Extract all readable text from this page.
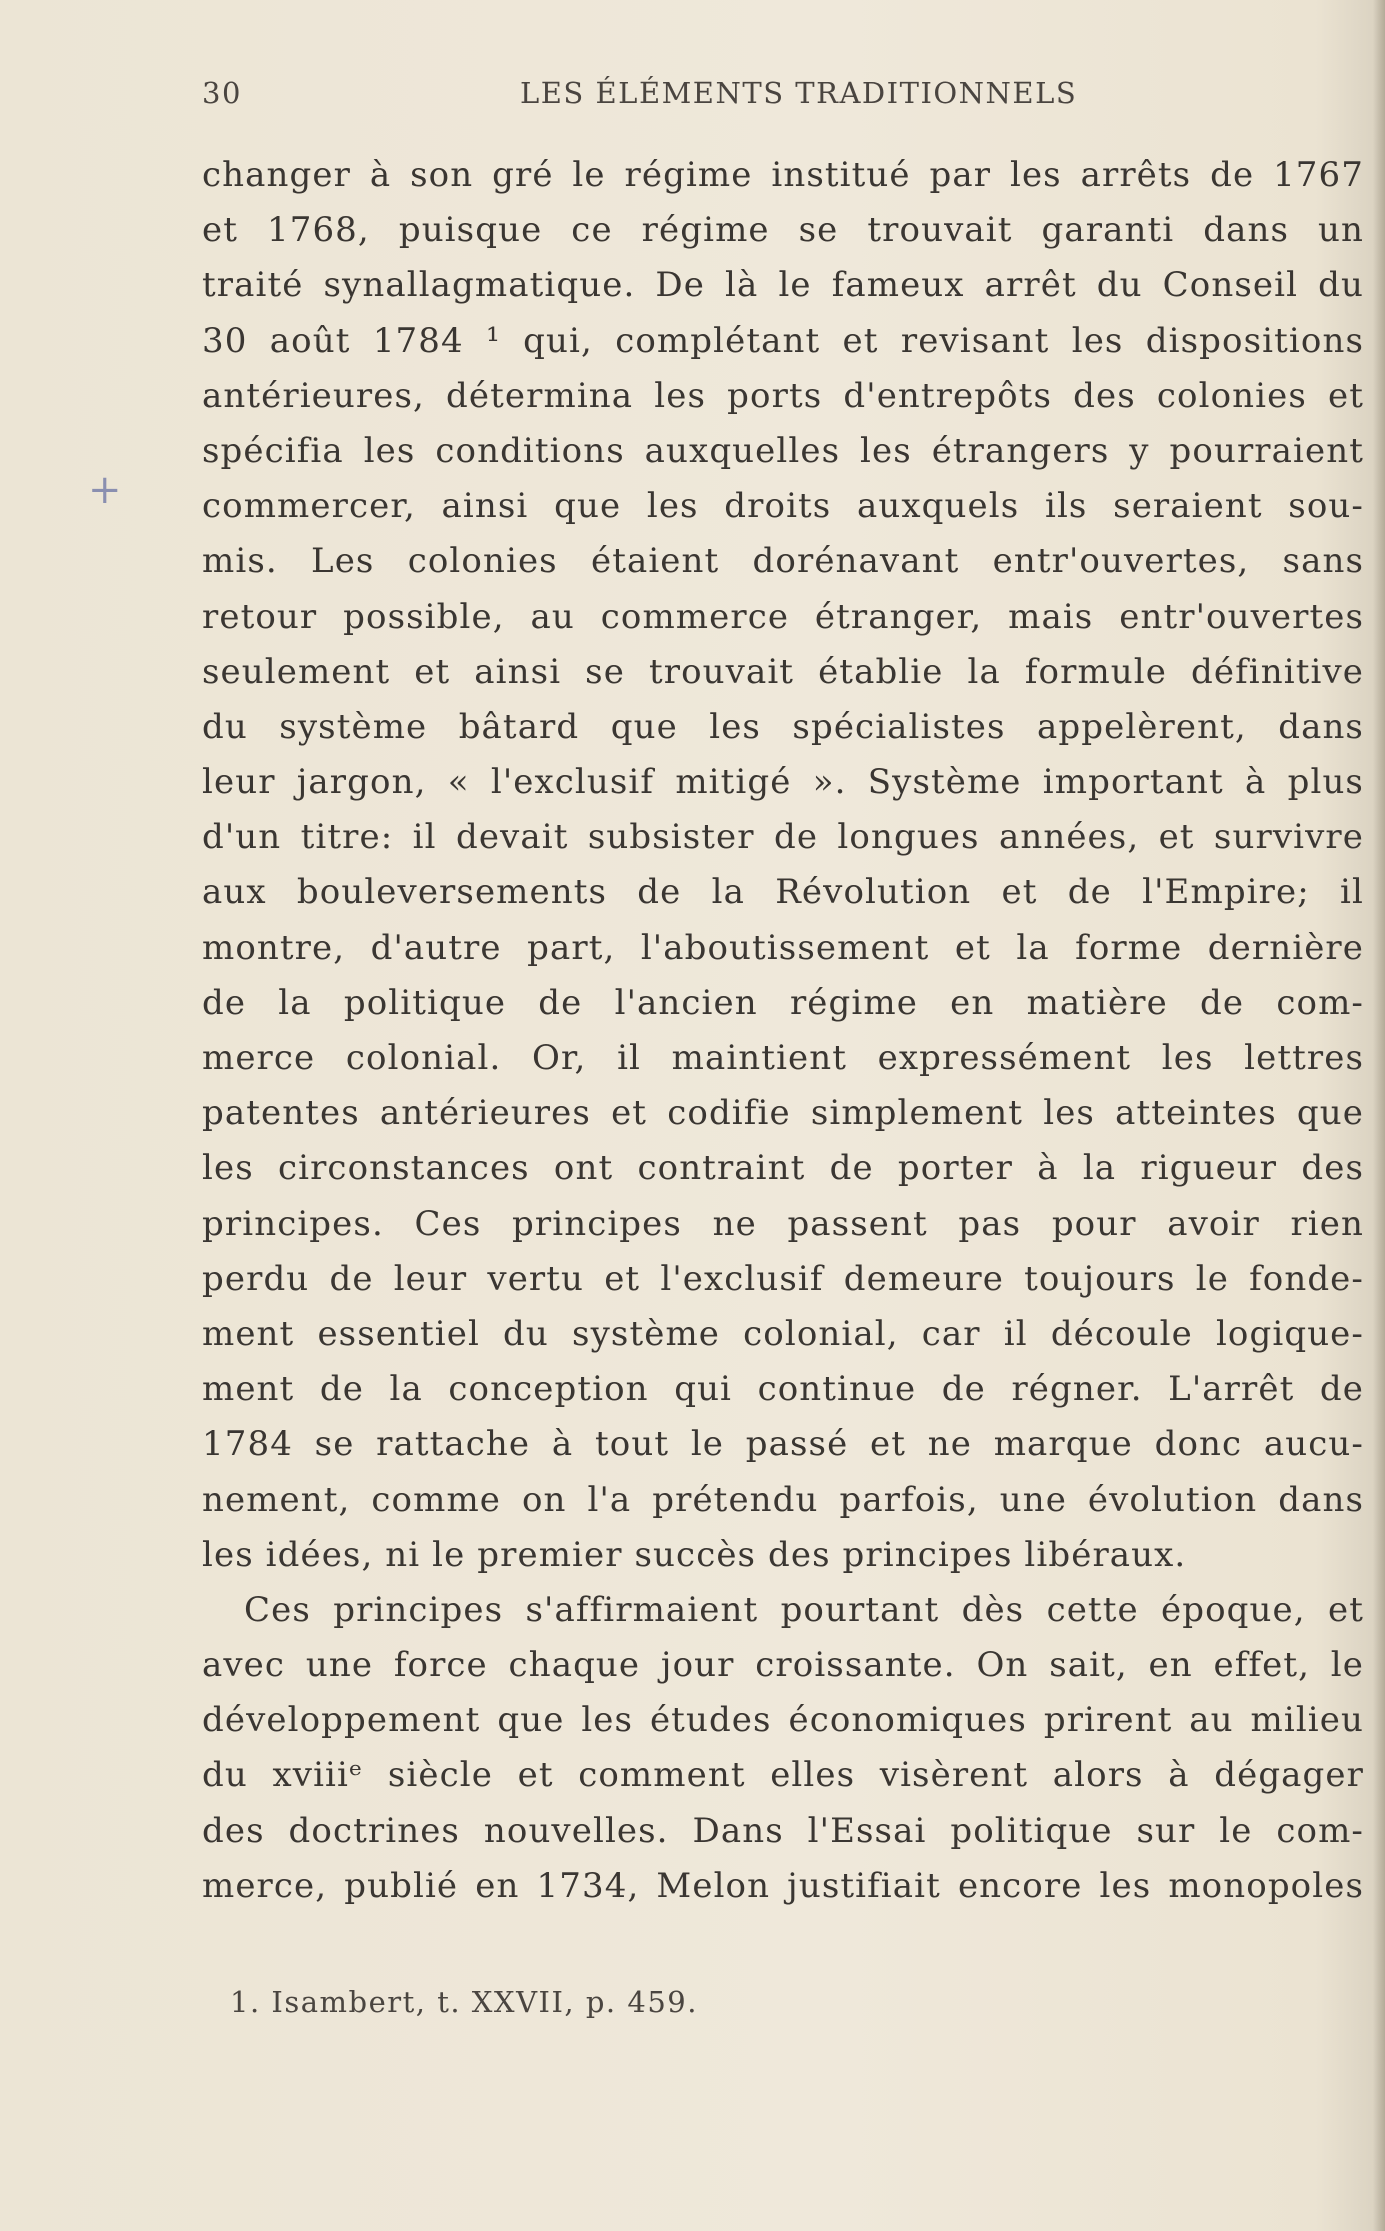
30	LES ÉLÉMENTS TRADITIONNELS
+
changer à son gré le régime institué par les arrêts de 1767
et 1768, puisque ce régime se trouvait garanti dans un
traité synallagmatique. De là le fameux arrêt du Conseil du
30 août 1784 ¹ qui, complétant et revisant les dispositions
antérieures, détermina les ports d'entrepôts des colonies et
spécifia les conditions auxquelles les étrangers y pourraient
commercer, ainsi que les droits auxquels ils seraient sou-
mis. Les colonies étaient dorénavant entr'ouvertes, sans
retour possible, au commerce étranger, mais entr'ouvertes
seulement et ainsi se trouvait établie la formule définitive
du système bâtard que les spécialistes appelèrent, dans
leur jargon, « l'exclusif mitigé ». Système important à plus
d'un titre: il devait subsister de longues années, et survivre
aux bouleversements de la Révolution et de l'Empire; il
montre, d'autre part, l'aboutissement et la forme dernière
de la politique de l'ancien régime en matière de com-
merce colonial. Or, il maintient expressément les lettres
patentes antérieures et codifie simplement les atteintes que
les circonstances ont contraint de porter à la rigueur des
principes. Ces principes ne passent pas pour avoir rien
perdu de leur vertu et l'exclusif demeure toujours le fonde-
ment essentiel du système colonial, car il découle logique-
ment de la conception qui continue de régner. L'arrêt de
1784 se rattache à tout le passé et ne marque donc aucu-
nement, comme on l'a prétendu parfois, une évolution dans
les idées, ni le premier succès des principes libéraux.
Ces principes s'affirmaient pourtant dès cette époque, et
avec une force chaque jour croissante. On sait, en effet, le
développement que les études économiques prirent au milieu
du xviiiᵉ siècle et comment elles visèrent alors à dégager
des doctrines nouvelles. Dans l'Essai politique sur le com-
merce, publié en 1734, Melon justifiait encore les monopoles
1. Isambert, t. XXVII, p. 459.
